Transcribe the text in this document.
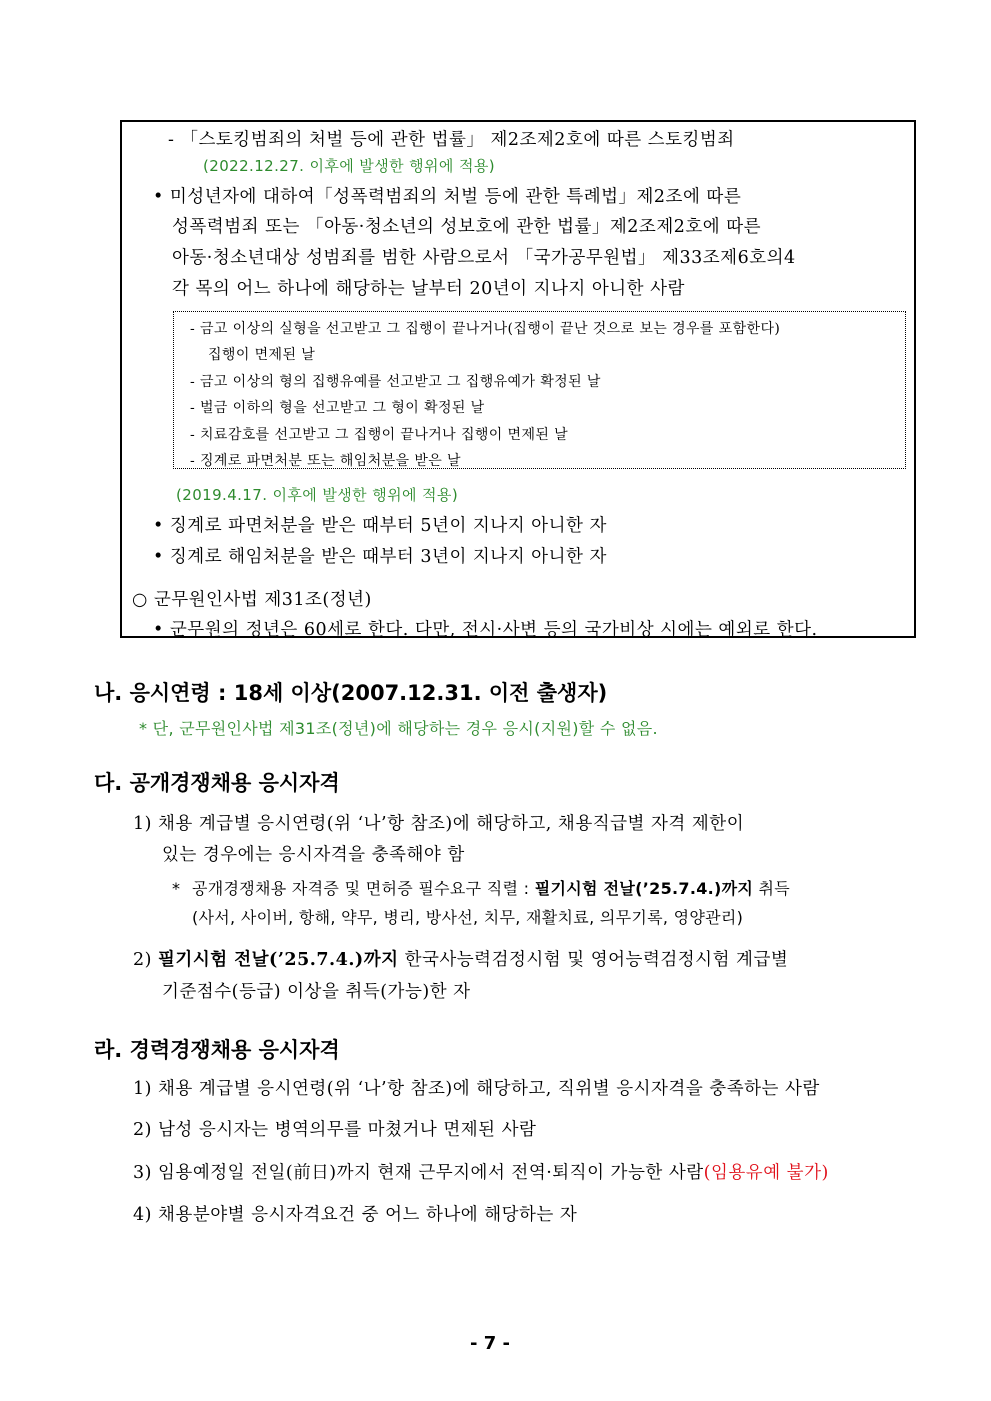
- 「스토킹범죄의 처벌 등에 관한 법률」 제2조제2호에 따른 스토킹범죄
(2022.12.27. 이후에 발생한 행위에 적용)
• 미성년자에 대하여「성폭력범죄의 처벌 등에 관한 특례법」제2조에 따른
성폭력범죄 또는 「아동·청소년의 성보호에 관한 법률」제2조제2호에 따른
아동·청소년대상 성범죄를 범한 사람으로서 「국가공무원법」 제33조제6호의4
각 목의 어느 하나에 해당하는 날부터 20년이 지나지 아니한 사람
- 금고 이상의 실형을 선고받고 그 집행이 끝나거나(집행이 끝난 것으로 보는 경우를 포함한다)
집행이 면제된 날
- 금고 이상의 형의 집행유예를 선고받고 그 집행유예가 확정된 날
- 벌금 이하의 형을 선고받고 그 형이 확정된 날
- 치료감호를 선고받고 그 집행이 끝나거나 집행이 면제된 날
- 징계로 파면처분 또는 해임처분을 받은 날
(2019.4.17. 이후에 발생한 행위에 적용)
• 징계로 파면처분을 받은 때부터 5년이 지나지 아니한 자
• 징계로 해임처분을 받은 때부터 3년이 지나지 아니한 자
○ 군무원인사법 제31조(정년)
• 군무원의 정년은 60세로 한다. 다만, 전시·사변 등의 국가비상 시에는 예외로 한다.
나. 응시연령 : 18세 이상(2007.12.31. 이전 출생자)
* 단, 군무원인사법 제31조(정년)에 해당하는 경우 응시(지원)할 수 없음.
다. 공개경쟁채용 응시자격
1) 채용 계급별 응시연령(위 ‘나’항 참조)에 해당하고, 채용직급별 자격 제한이
있는 경우에는 응시자격을 충족해야 함
* 공개경쟁채용 자격증 및 면허증 필수요구 직렬 : 필기시험 전날(’25.7.4.)까지 취득
(사서, 사이버, 항해, 약무, 병리, 방사선, 치무, 재활치료, 의무기록, 영양관리)
2) 필기시험 전날(’25.7.4.)까지 한국사능력검정시험 및 영어능력검정시험 계급별
기준점수(등급) 이상을 취득(가능)한 자
라. 경력경쟁채용 응시자격
1) 채용 계급별 응시연령(위 ‘나’항 참조)에 해당하고, 직위별 응시자격을 충족하는 사람
2) 남성 응시자는 병역의무를 마쳤거나 면제된 사람
3) 임용예정일 전일(前日)까지 현재 근무지에서 전역·퇴직이 가능한 사람(임용유예 불가)
4) 채용분야별 응시자격요건 중 어느 하나에 해당하는 자
- 7 -
